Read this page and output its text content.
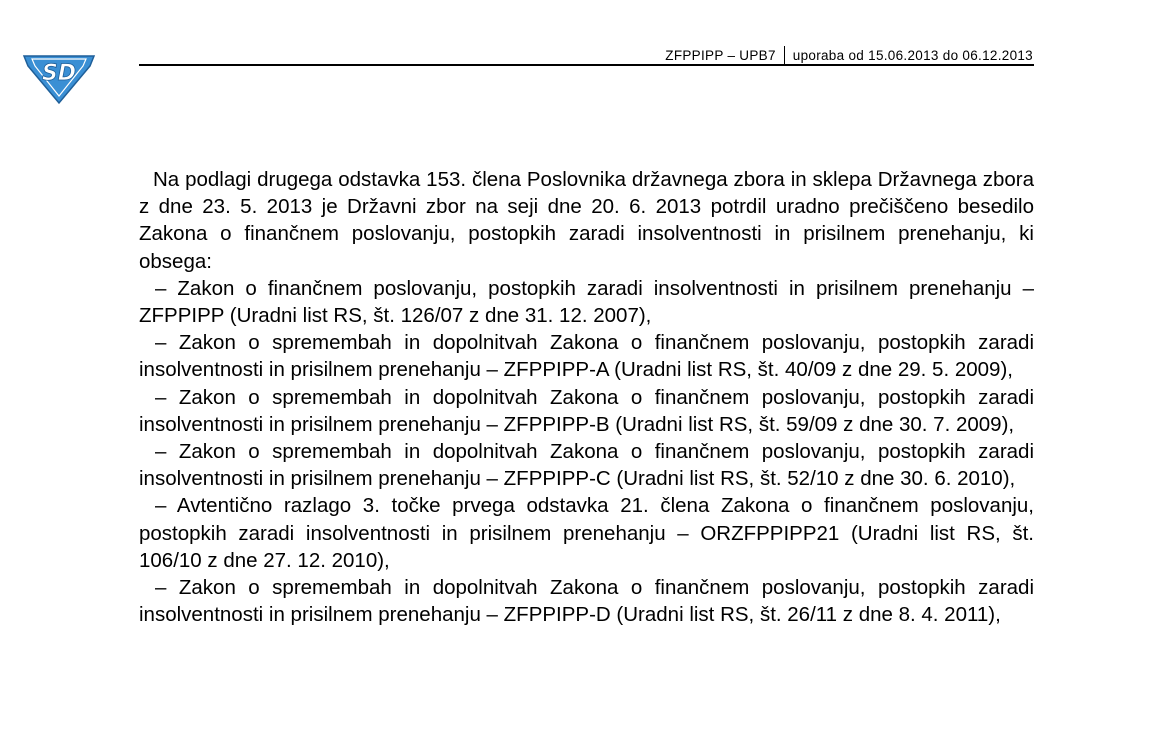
SD
ZFPPIPP – UPB7 uporaba od 15.06.2013 do 06.12.2013

Na podlagi drugega odstavka 153. člena Poslovnika državnega zbora in sklepa Državnega zbora z dne 23. 5. 2013 je Državni zbor na seji dne 20. 6. 2013 potrdil uradno prečiščeno besedilo Zakona o finančnem poslovanju, postopkih zaradi insolventnosti in prisilnem prenehanju, ki obsega:

– Zakon o finančnem poslovanju, postopkih zaradi insolventnosti in prisilnem prenehanju – ZFPPIPP (Uradni list RS, št. 126/07 z dne 31. 12. 2007),

– Zakon o spremembah in dopolnitvah Zakona o finančnem poslovanju, postopkih zaradi insolventnosti in prisilnem prenehanju – ZFPPIPP-A (Uradni list RS, št. 40/09 z dne 29. 5. 2009),

– Zakon o spremembah in dopolnitvah Zakona o finančnem poslovanju, postopkih zaradi insolventnosti in prisilnem prenehanju – ZFPPIPP-B (Uradni list RS, št. 59/09 z dne 30. 7. 2009),

– Zakon o spremembah in dopolnitvah Zakona o finančnem poslovanju, postopkih zaradi insolventnosti in prisilnem prenehanju – ZFPPIPP-C (Uradni list RS, št. 52/10 z dne 30. 6. 2010),

– Avtentično razlago 3. točke prvega odstavka 21. člena Zakona o finančnem poslovanju, postopkih zaradi insolventnosti in prisilnem prenehanju – ORZFPPIPP21 (Uradni list RS, št. 106/10 z dne 27. 12. 2010),

– Zakon o spremembah in dopolnitvah Zakona o finančnem poslovanju, postopkih zaradi insolventnosti in prisilnem prenehanju – ZFPPIPP-D (Uradni list RS, št. 26/11 z dne 8. 4. 2011),
